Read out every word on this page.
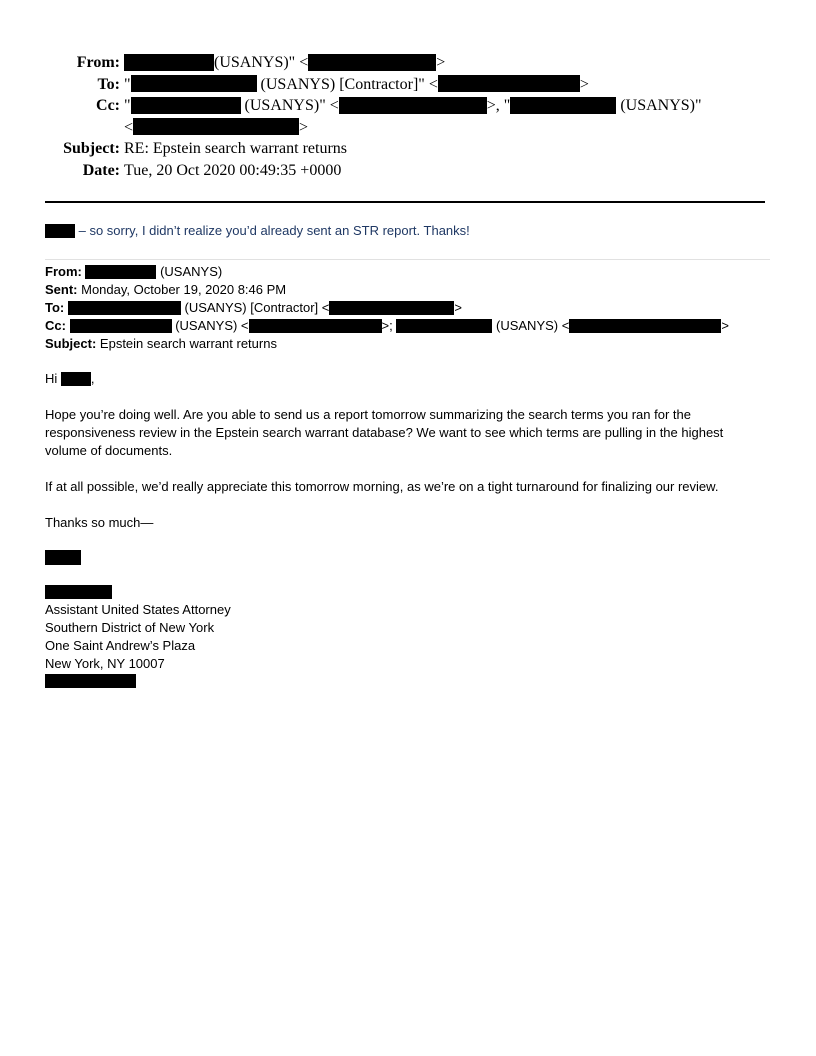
From:	(USANYS)" <	>
To: "	(USANYS) [Contractor]" <	>
Cc: "	(USANYS)" <	>, "	(USANYS)"
<	>
Subject: RE: Epstein search warrant returns
Date: Tue, 20 Oct 2020 00:49:35 +0000
– so sorry, I didn’t realize you’d already sent an STR report. Thanks!
From:	(USANYS)
Sent: Monday, October 19, 2020 8:46 PM
To:	(USANYS) [Contractor] <	>
Cc:	(USANYS) <	>;	(USANYS) <	>
Subject: Epstein search warrant returns

Hi	,

Hope you’re doing well. Are you able to send us a report tomorrow summarizing the search terms you ran for the responsiveness review in the Epstein search warrant database? We want to see which terms are pulling in the highest volume of documents.

If at all possible, we’d really appreciate this tomorrow morning, as we’re on a tight turnaround for finalizing our review.

Thanks so much—

Assistant United States Attorney
Southern District of New York
One Saint Andrew’s Plaza
New York, NY 10007
